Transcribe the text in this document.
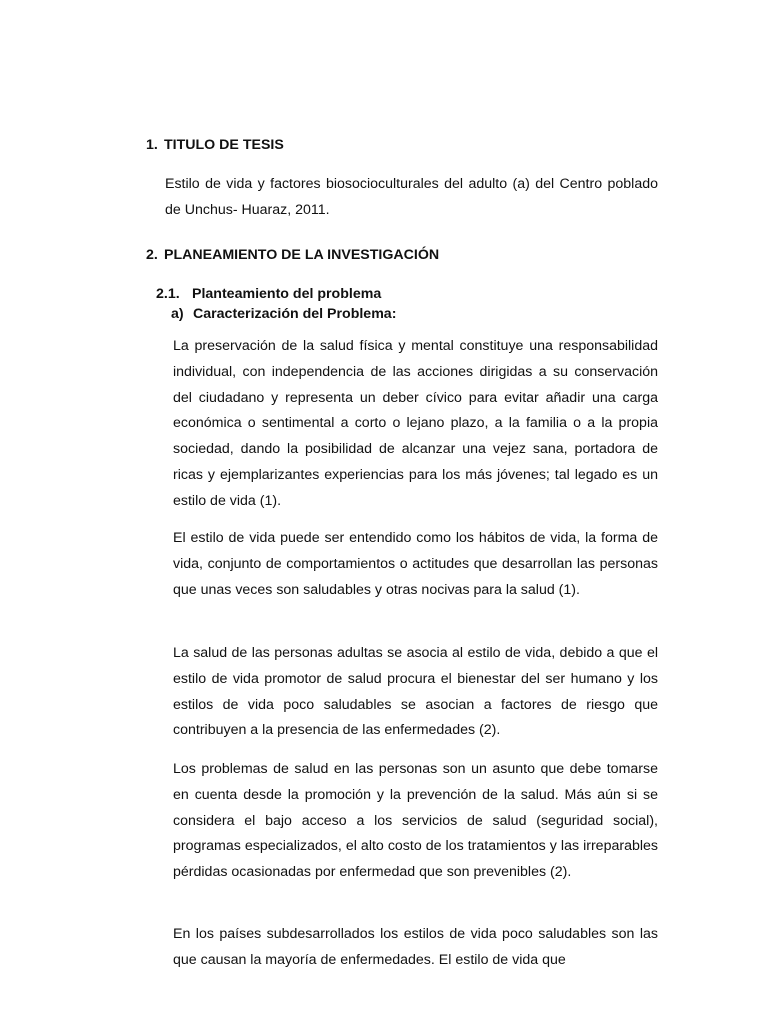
1. TITULO DE TESIS

Estilo de vida y factores biosocioculturales del adulto (a) del Centro poblado de Unchus- Huaraz, 2011.

2. PLANEAMIENTO DE LA INVESTIGACIÓN
2.1. Planteamiento del problema
a) Caracterización del Problema:

La preservación de la salud física y mental constituye una responsabilidad individual, con independencia de las acciones dirigidas a su conservación del ciudadano y representa un deber cívico para evitar añadir una carga económica o sentimental a corto o lejano plazo, a la familia o a la propia sociedad, dando la posibilidad de alcanzar una vejez sana, portadora de ricas y ejemplarizantes experiencias para los más jóvenes; tal legado es un estilo de vida (1).

El estilo de vida puede ser entendido como los hábitos de vida, la forma de vida, conjunto de comportamientos o actitudes que desarrollan las personas que unas veces son saludables y otras nocivas para la salud (1).

La salud de las personas adultas se asocia al estilo de vida, debido a que el estilo de vida promotor de salud procura el bienestar del ser humano y los estilos de vida poco saludables se asocian a factores de riesgo que contribuyen a la presencia de las enfermedades (2).

Los problemas de salud en las personas son un asunto que debe tomarse en cuenta desde la promoción y la prevención de la salud. Más aún si se considera el bajo acceso a los servicios de salud (seguridad social), programas especializados, el alto costo de los tratamientos y las irreparables pérdidas ocasionadas por enfermedad que son prevenibles (2).

En los países subdesarrollados los estilos de vida poco saludables son las que causan la mayoría de enfermedades. El estilo de vida que
